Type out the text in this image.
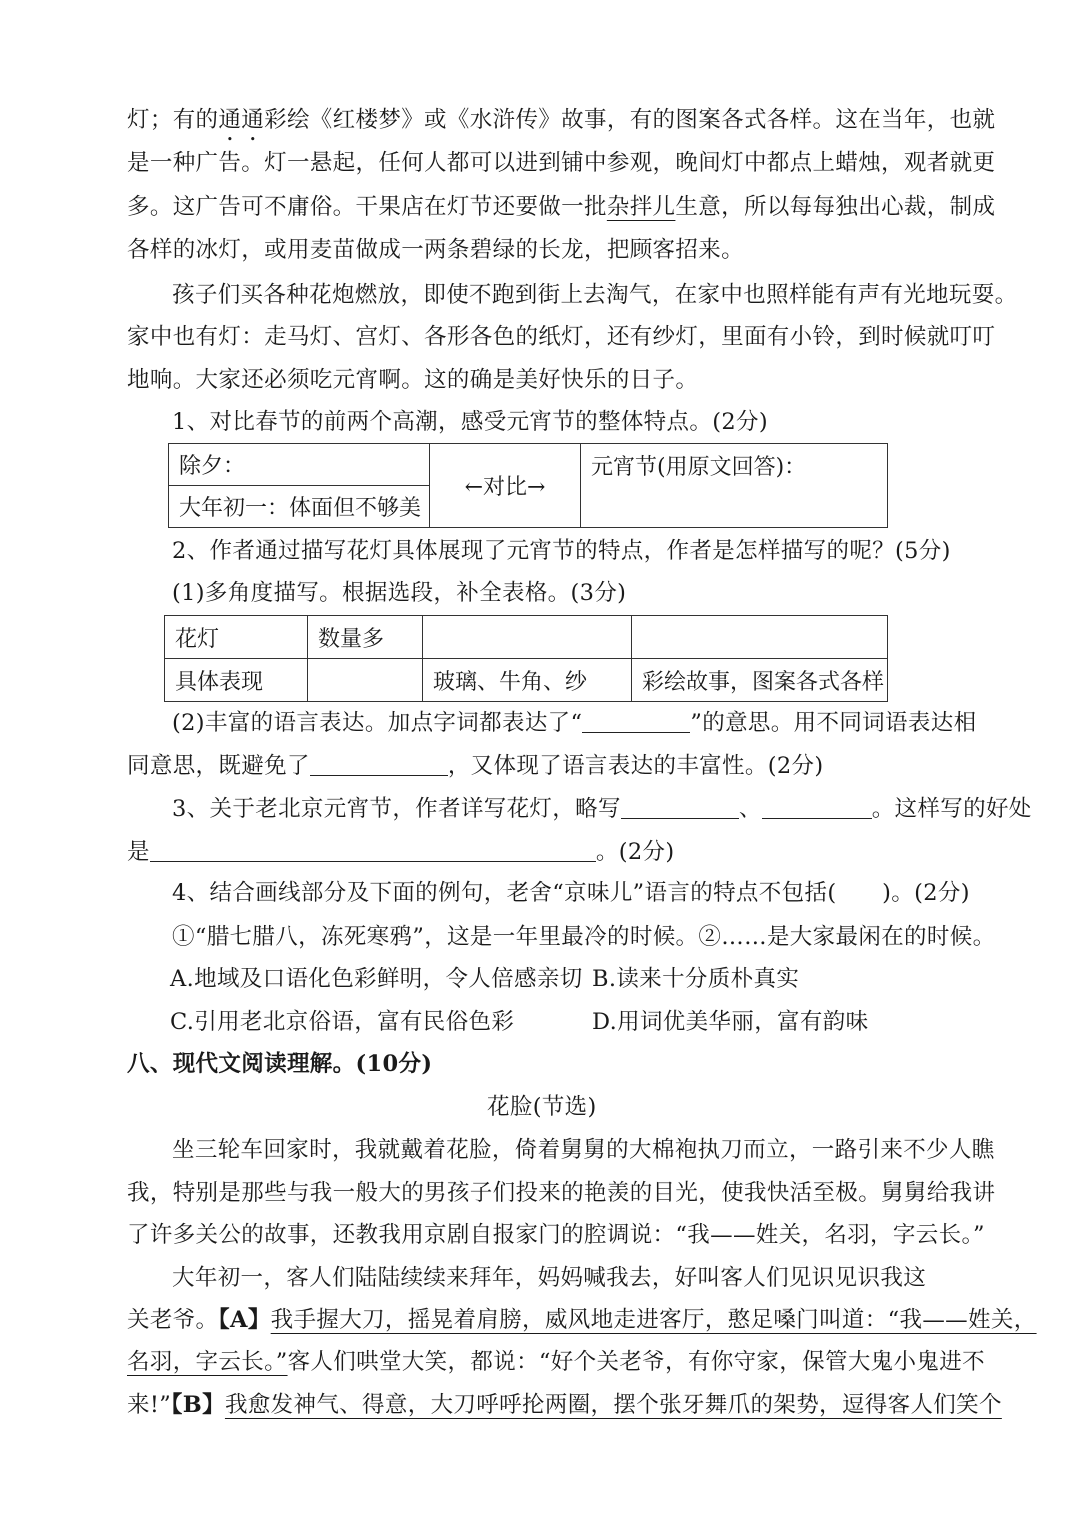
灯；有的通通彩绘《红楼梦》或《水浒传》故事，有的图案各式各样。这在当年，也就
是一种广告。灯一悬起，任何人都可以进到铺中参观，晚间灯中都点上蜡烛，观者就更
多。这广告可不庸俗。干果店在灯节还要做一批杂拌儿生意，所以每每独出心裁，制成
各样的冰灯，或用麦苗做成一两条碧绿的长龙，把顾客招来。
孩子们买各种花炮燃放，即使不跑到街上去淘气，在家中也照样能有声有光地玩耍。
家中也有灯：走马灯、宫灯、各形各色的纸灯，还有纱灯，里面有小铃，到时候就叮叮
地响。大家还必须吃元宵啊。这的确是美好快乐的日子。
1、对比春节的前两个高潮，感受元宵节的整体特点。(2分)
除夕：	←对比→	元宵节(用原文回答)：
大年初一：体面但不够美
2、作者通过描写花灯具体展现了元宵节的特点，作者是怎样描写的呢？(5分)
(1)多角度描写。根据选段，补全表格。(3分)
花灯	数量多		
具体表现		玻璃、牛角、纱	彩绘故事，图案各式各样
(2)丰富的语言表达。加点字词都表达了“	”的意思。用不同词语表达相
同意思，既避免了	，又体现了语言表达的丰富性。(2分)
3、关于老北京元宵节，作者详写花灯，略写	、	。这样写的好处
是	。(2分)
4、结合画线部分及下面的例句，老舍“京味儿”语言的特点不包括(　　)。(2分)
①“腊七腊八，冻死寒鸦”，这是一年里最冷的时候。②……是大家最闲在的时候。
A.地域及口语化色彩鲜明，令人倍感亲切 B.读来十分质朴真实
C.引用老北京俗语，富有民俗色彩	D.用词优美华丽，富有韵味
八、现代文阅读理解。(10分)
花脸(节选)
坐三轮车回家时，我就戴着花脸，倚着舅舅的大棉袍执刀而立，一路引来不少人瞧
我，特别是那些与我一般大的男孩子们投来的艳羡的目光，使我快活至极。舅舅给我讲
了许多关公的故事，还教我用京剧自报家门的腔调说：“我——姓关，名羽，字云长。”
大年初一，客人们陆陆续续来拜年，妈妈喊我去，好叫客人们见识见识我这
关老爷。【A】我手握大刀，摇晃着肩膀，威风地走进客厅，憨足嗓门叫道：“我——姓关，
名羽，字云长。”客人们哄堂大笑，都说：“好个关老爷，有你守家，保管大鬼小鬼进不
来!”【B】我愈发神气、得意，大刀呼呼抡两圈，摆个张牙舞爪的架势，逗得客人们笑个
